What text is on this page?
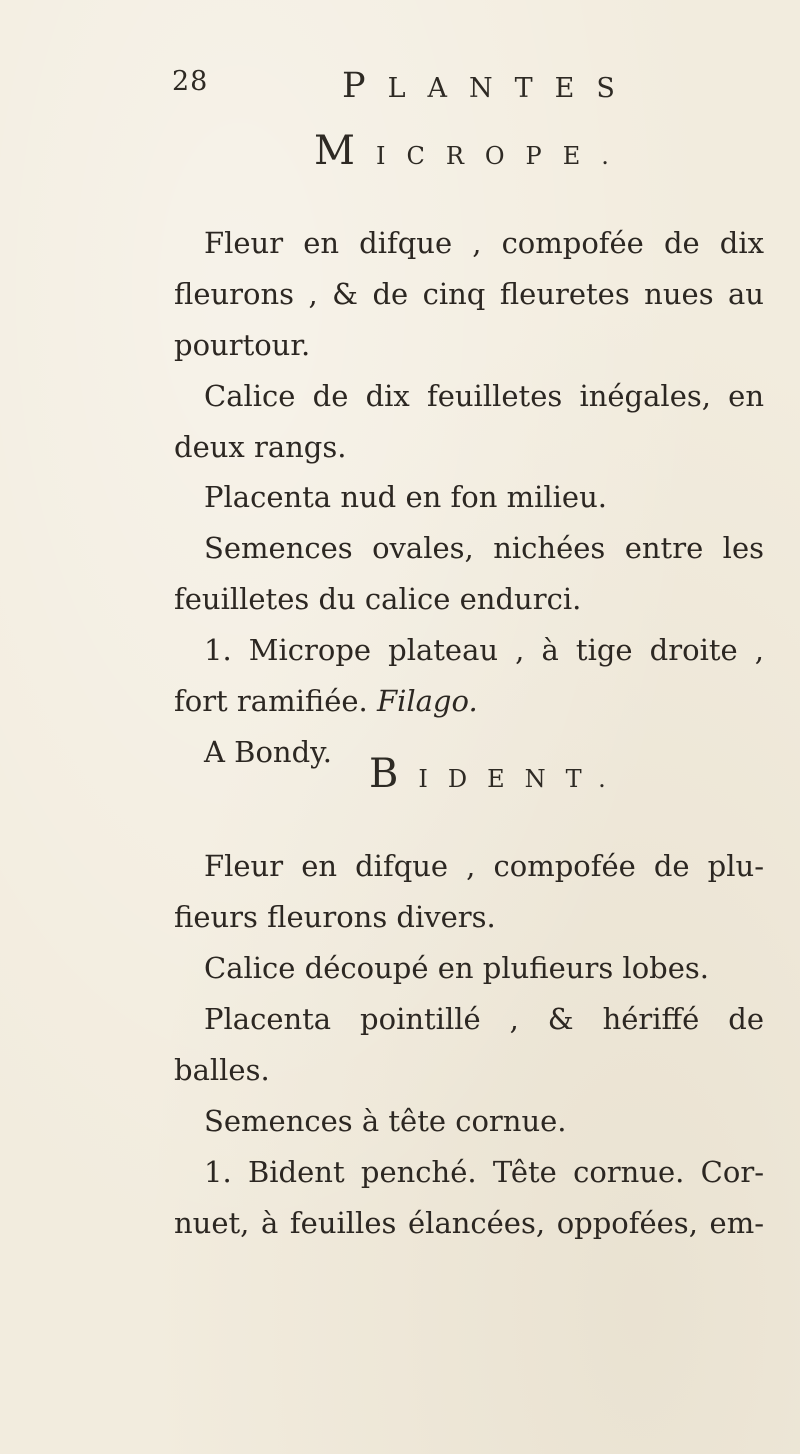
28	PLANTES
MICROPE.
Fleur en difque , compofée de dix
fleurons , & de cinq fleuretes nues au
pourtour.
Calice de dix feuilletes inégales, en
deux rangs.
Placenta nud en fon milieu.
Semences ovales, nichées entre les
feuilletes du calice endurci.
1. Micrope plateau , à tige droite ,
fort ramifiée. Filago.
A Bondy. BIDENT.
Fleur en difque , compofée de plu-
fieurs fleurons divers.
Calice découpé en plufieurs lobes.
Placenta pointillé , & hériffé de
balles.
Semences à tête cornue.
1. Bident penché. Tête cornue. Cor-
nuet, à feuilles élancées, oppofées, em-
